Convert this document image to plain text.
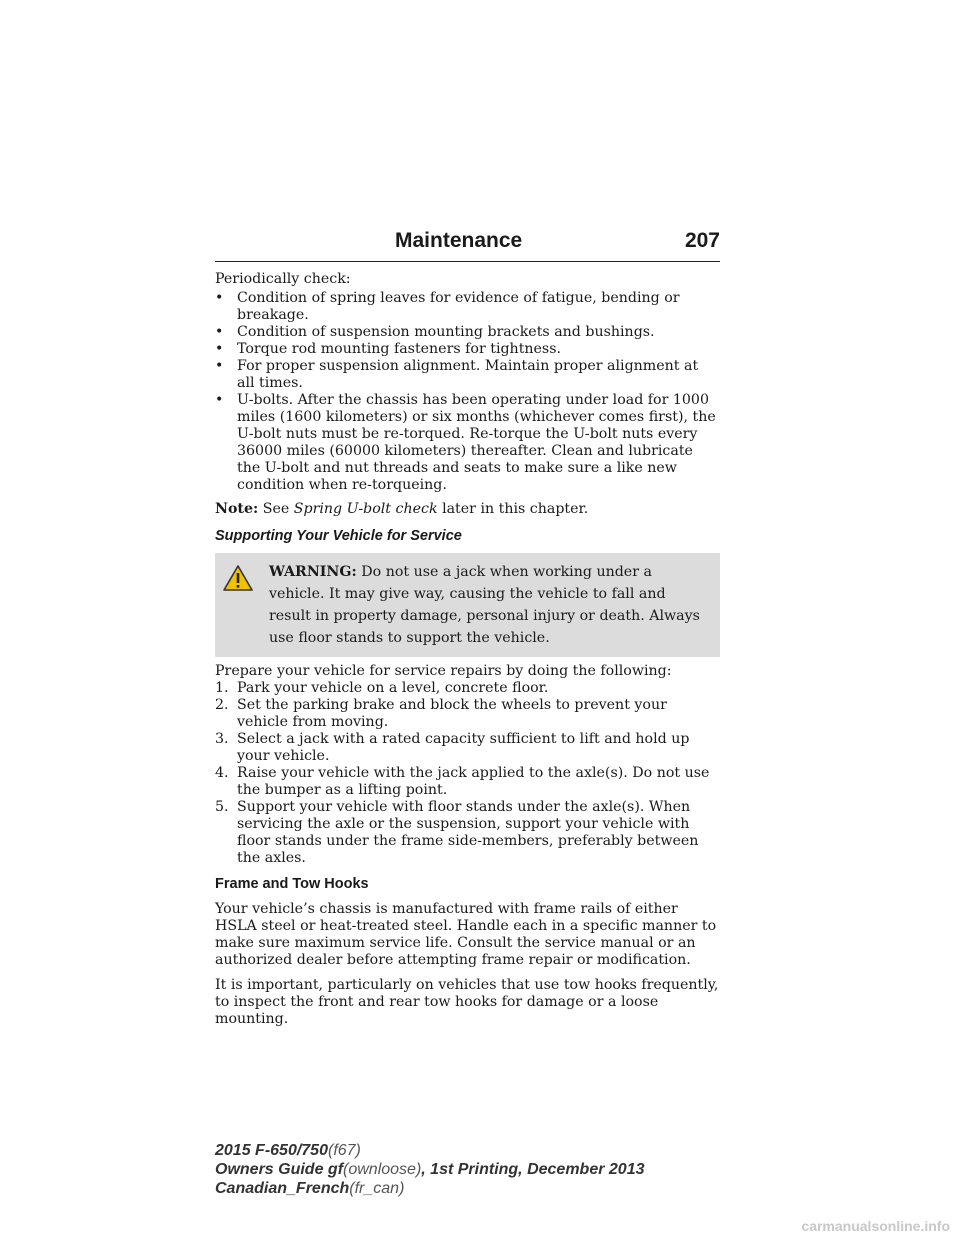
Maintenance	207

Periodically check:

• Condition of spring leaves for evidence of fatigue, bending or breakage.
• Condition of suspension mounting brackets and bushings.
• Torque rod mounting fasteners for tightness.
• For proper suspension alignment. Maintain proper alignment at all times.
• U-bolts. After the chassis has been operating under load for 1000 miles (1600 kilometers) or six months (whichever comes first), the U-bolt nuts must be re-torqued. Re-torque the U-bolt nuts every 36000 miles (60000 kilometers) thereafter. Clean and lubricate the U-bolt and nut threads and seats to make sure a like new condition when re-torqueing.

Note: See Spring U-bolt check later in this chapter.

Supporting Your Vehicle for Service
WARNING: Do not use a jack when working under a vehicle. It may give way, causing the vehicle to fall and result in property damage, personal injury or death. Always use floor stands to support the vehicle.

Prepare your vehicle for service repairs by doing the following:

1. Park your vehicle on a level, concrete floor.
2. Set the parking brake and block the wheels to prevent your vehicle from moving.
3. Select a jack with a rated capacity sufficient to lift and hold up your vehicle.
4. Raise your vehicle with the jack applied to the axle(s). Do not use the bumper as a lifting point.
5. Support your vehicle with floor stands under the axle(s). When servicing the axle or the suspension, support your vehicle with floor stands under the frame side-members, preferably between the axles.
Frame and Tow Hooks

Your vehicle’s chassis is manufactured with frame rails of either HSLA steel or heat-treated steel. Handle each in a specific manner to make sure maximum service life. Consult the service manual or an authorized dealer before attempting frame repair or modification.

It is important, particularly on vehicles that use tow hooks frequently, to inspect the front and rear tow hooks for damage or a loose mounting.

2015 F-650/750(f67)
Owners Guide gf(ownloose), 1st Printing, December 2013
Canadian_French(fr_can)
carmanualsonline.info
